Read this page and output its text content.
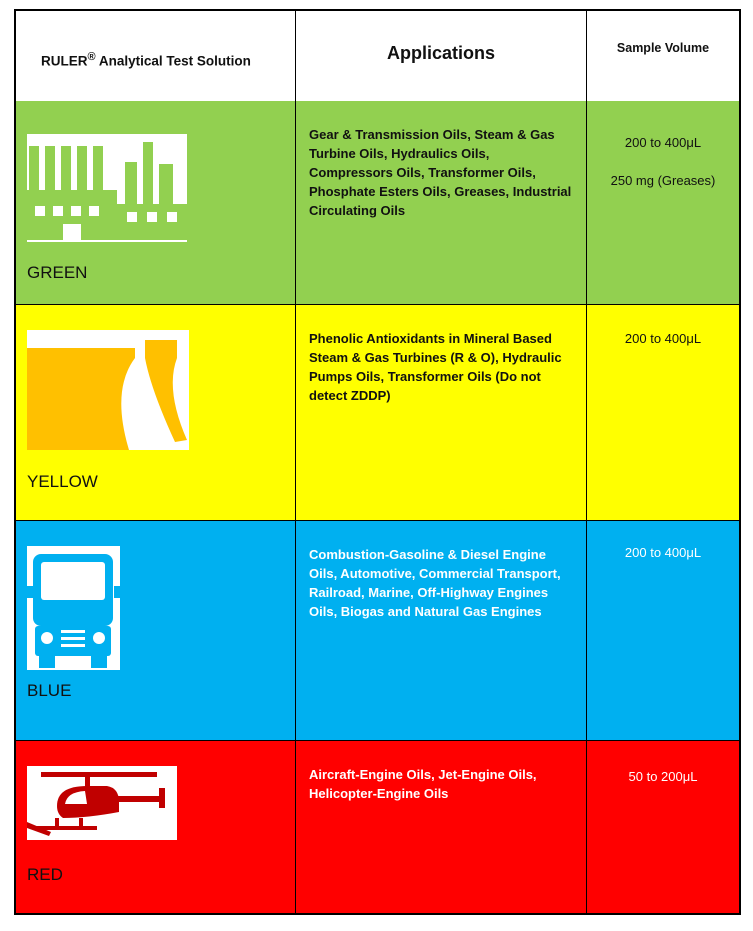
RULER® Analytical Test Solution	Applications	Sample Volume
GREEN
Gear & Transmission Oils, Steam & Gas Turbine Oils, Hydraulics Oils, Compressors Oils, Transformer Oils, Phosphate Esters Oils, Greases, Industrial Circulating Oils
200 to 400μL
250 mg (Greases)
YELLOW
Phenolic Antioxidants in Mineral Based Steam & Gas Turbines (R & O), Hydraulic Pumps Oils, Transformer Oils (Do not detect ZDDP)
200 to 400μL
BLUE
Combustion-Gasoline & Diesel Engine Oils, Automotive, Commercial Transport, Railroad, Marine, Off-Highway Engines Oils, Biogas and Natural Gas Engines
200 to 400μL
RED
Aircraft-Engine Oils, Jet-Engine Oils, Helicopter-Engine Oils
50 to 200μL
